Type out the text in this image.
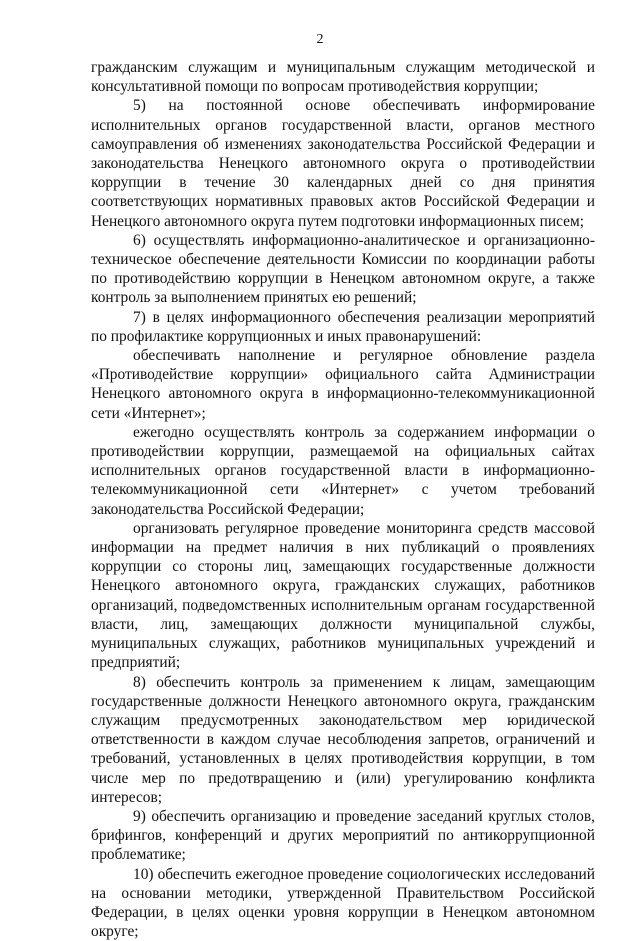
2

гражданским служащим и муниципальным служащим методической и консультативной помощи по вопросам противодействия коррупции;

5) на постоянной основе обеспечивать информирование исполнительных органов государственной власти, органов местного самоуправления об изменениях законодательства Российской Федерации и законодательства Ненецкого автономного округа о противодействии коррупции в течение 30 календарных дней со дня принятия соответствующих нормативных правовых актов Российской Федерации и Ненецкого автономного округа путем подготовки информационных писем;

6) осуществлять информационно-аналитическое и организационно-техническое обеспечение деятельности Комиссии по координации работы по противодействию коррупции в Ненецком автономном округе, а также контроль за выполнением принятых ею решений;

7) в целях информационного обеспечения реализации мероприятий по профилактике коррупционных и иных правонарушений:

обеспечивать наполнение и регулярное обновление раздела «Противодействие коррупции» официального сайта Администрации Ненецкого автономного округа в информационно-телекоммуникационной сети «Интернет»;

ежегодно осуществлять контроль за содержанием информации о противодействии коррупции, размещаемой на официальных сайтах исполнительных органов государственной власти в информационно-телекоммуникационной сети «Интернет» с учетом требований законодательства Российской Федерации;

организовать регулярное проведение мониторинга средств массовой информации на предмет наличия в них публикаций о проявлениях коррупции со стороны лиц, замещающих государственные должности Ненецкого автономного округа, гражданских служащих, работников организаций, подведомственных исполнительным органам государственной власти, лиц, замещающих должности муниципальной службы, муниципальных служащих, работников муниципальных учреждений и предприятий;

8) обеспечить контроль за применением к лицам, замещающим государственные должности Ненецкого автономного округа, гражданским служащим предусмотренных законодательством мер юридической ответственности в каждом случае несоблюдения запретов, ограничений и требований, установленных в целях противодействия коррупции, в том числе мер по предотвращению и (или) урегулированию конфликта интересов;

9) обеспечить организацию и проведение заседаний круглых столов, брифингов, конференций и других мероприятий по антикоррупционной проблематике;

10) обеспечить ежегодное проведение социологических исследований на основании методики, утвержденной Правительством Российской Федерации, в целях оценки уровня коррупции в Ненецком автономном округе;
